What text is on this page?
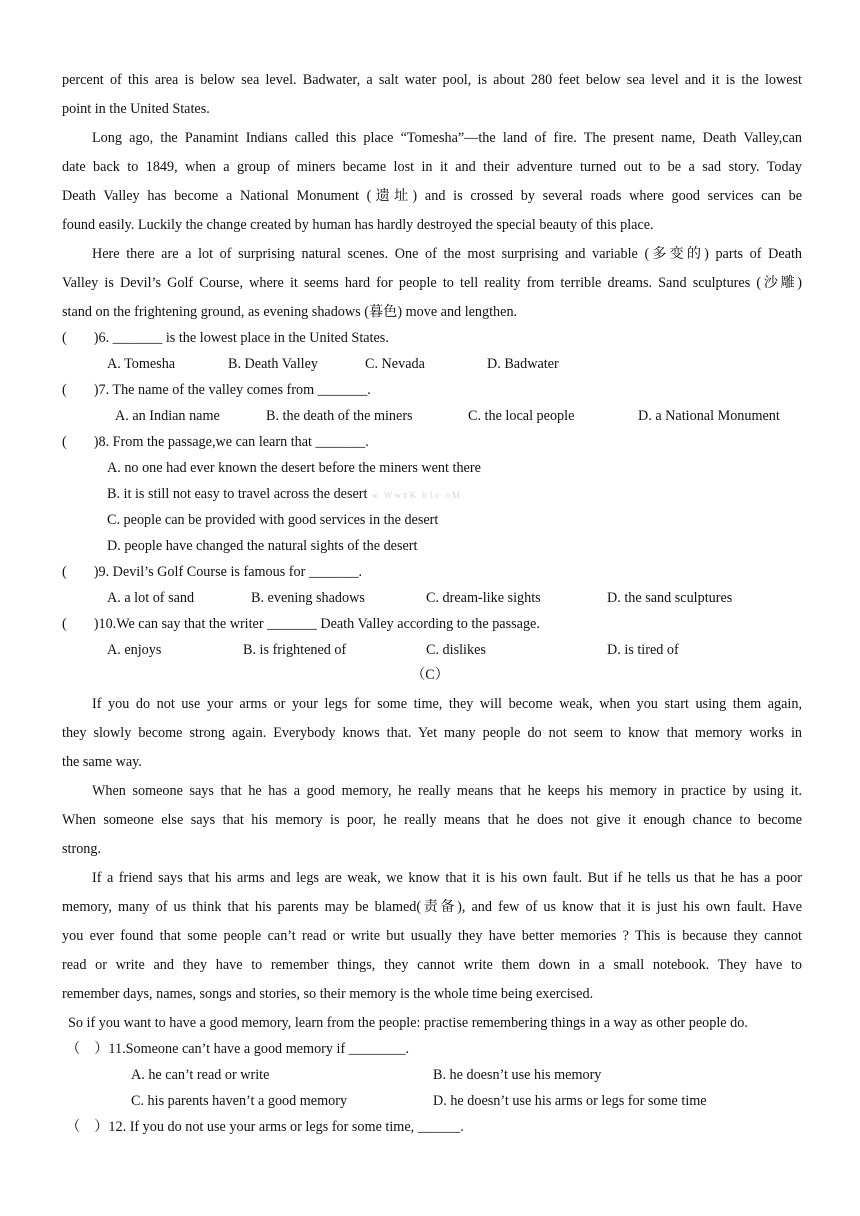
percent of this area is below sea level. Badwater, a salt water pool, is about 280 feet below sea level and it is the lowest
point in the United States.
Long ago, the Panamint Indians called this place “Tomesha”—the land of fire. The present name, Death Valley,can
date back to 1849, when a group of miners became lost in it and their adventure turned out to be a sad story. Today
Death Valley has become a National Monument (遗址) and is crossed by several roads where good services can be
found easily. Luckily the change created by human has hardly destroyed the special beauty of this place.
Here there are a lot of surprising natural scenes. One of the most surprising and variable (多变的) parts of Death
Valley is Devil’s Golf Course, where it seems hard for people to tell reality from terrible dreams. Sand sculptures (沙雕)
stand on the frightening ground, as evening shadows (暮色) move and lengthen.
( )6. _______ is the lowest place in the United States.
A. Tomesha	B. Death Valley	C. Nevada	D. Badwater
( )7. The name of the valley comes from _______.
A. an Indian name	B. the death of the miners	C. the local people	D. a National Monument
( )8. From the passage,we can learn that _______.
A. no one had ever known the desert before the miners went there
B. it is still not easy to travel across the desert w WwxK b1c oM
C. people can be provided with good services in the desert
D. people have changed the natural sights of the desert
( )9. Devil’s Golf Course is famous for _______.
A. a lot of sand	B. evening shadows	C. dream-like sights	D. the sand sculptures
( )10.We can say that the writer _______ Death Valley according to the passage.
A. enjoys	B. is frightened of	C. dislikes	D. is tired of
（C）
If you do not use your arms or your legs for some time, they will become weak, when you start using them again,
they slowly become strong again. Everybody knows that. Yet many people do not seem to know that memory works in
the same way.
When someone says that he has a good memory, he really means that he keeps his memory in practice by using it.
When someone else says that his memory is poor, he really means that he does not give it enough chance to become
strong.
If a friend says that his arms and legs are weak, we know that it is his own fault. But if he tells us that he has a poor
memory, many of us think that his parents may be blamed(责备), and few of us know that it is just his own fault. Have
you ever found that some people can’t read or write but usually they have better memories ? This is because they cannot
read or write and they have to remember things, they cannot write them down in a small notebook. They have to
remember days, names, songs and stories, so their memory is the whole time being exercised.
So if you want to have a good memory, learn from the people: practise remembering things in a way as other people do.
（ ）11.Someone can’t have a good memory if ________.
A. he can’t read or write	B. he doesn’t use his memory
C. his parents haven’t a good memory	D. he doesn’t use his arms or legs for some time
（ ）12. If you do not use your arms or legs for some time, ______.
